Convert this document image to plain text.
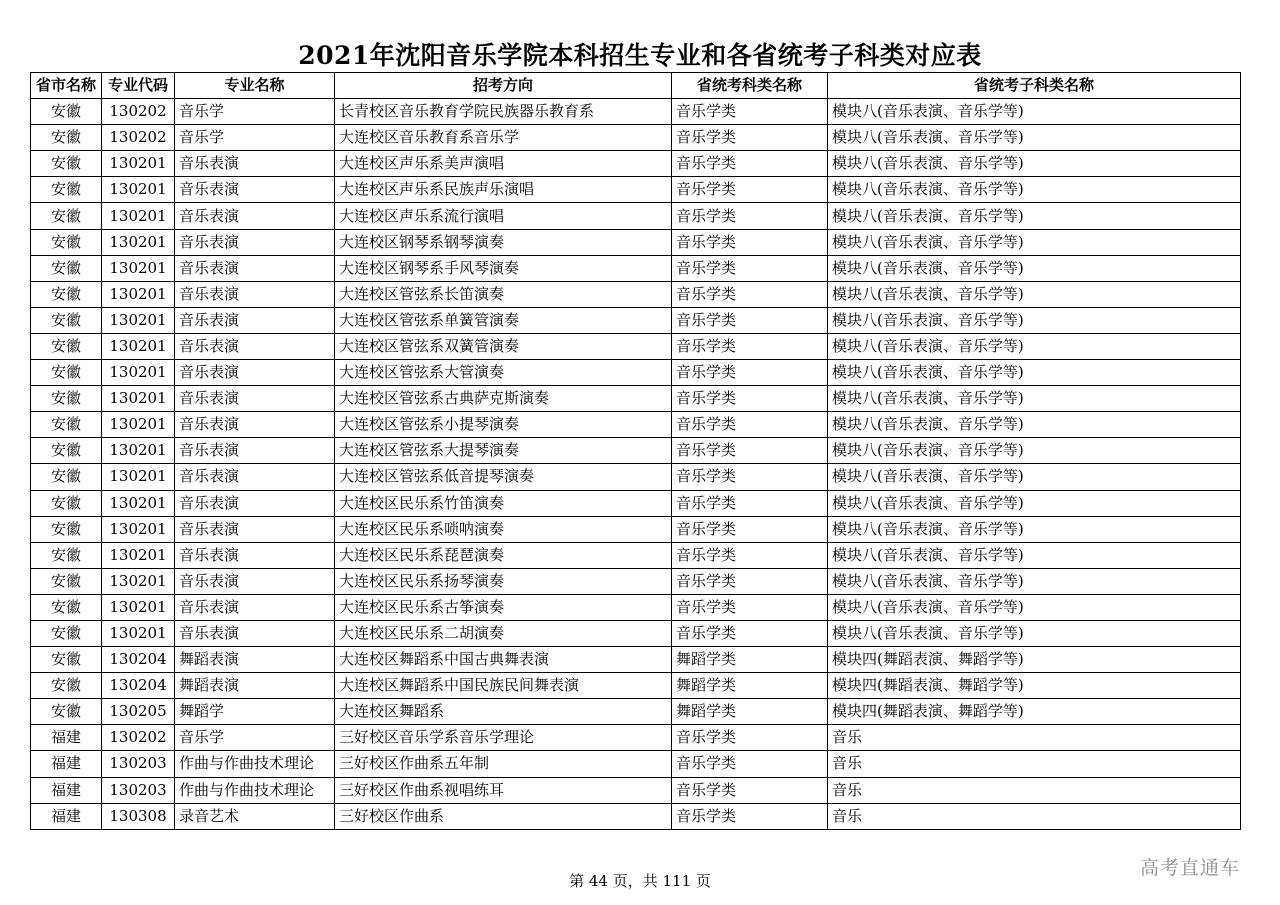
2021年沈阳音乐学院本科招生专业和各省统考子科类对应表
省市名称	专业代码	专业名称	招考方向	省统考科类名称	省统考子科类名称
安徽	130202	音乐学	长青校区音乐教育学院民族器乐教育系	音乐学类	模块八(音乐表演、音乐学等)
安徽	130202	音乐学	大连校区音乐教育系音乐学	音乐学类	模块八(音乐表演、音乐学等)
安徽	130201	音乐表演	大连校区声乐系美声演唱	音乐学类	模块八(音乐表演、音乐学等)
安徽	130201	音乐表演	大连校区声乐系民族声乐演唱	音乐学类	模块八(音乐表演、音乐学等)
安徽	130201	音乐表演	大连校区声乐系流行演唱	音乐学类	模块八(音乐表演、音乐学等)
安徽	130201	音乐表演	大连校区钢琴系钢琴演奏	音乐学类	模块八(音乐表演、音乐学等)
安徽	130201	音乐表演	大连校区钢琴系手风琴演奏	音乐学类	模块八(音乐表演、音乐学等)
安徽	130201	音乐表演	大连校区管弦系长笛演奏	音乐学类	模块八(音乐表演、音乐学等)
安徽	130201	音乐表演	大连校区管弦系单簧管演奏	音乐学类	模块八(音乐表演、音乐学等)
安徽	130201	音乐表演	大连校区管弦系双簧管演奏	音乐学类	模块八(音乐表演、音乐学等)
安徽	130201	音乐表演	大连校区管弦系大管演奏	音乐学类	模块八(音乐表演、音乐学等)
安徽	130201	音乐表演	大连校区管弦系古典萨克斯演奏	音乐学类	模块八(音乐表演、音乐学等)
安徽	130201	音乐表演	大连校区管弦系小提琴演奏	音乐学类	模块八(音乐表演、音乐学等)
安徽	130201	音乐表演	大连校区管弦系大提琴演奏	音乐学类	模块八(音乐表演、音乐学等)
安徽	130201	音乐表演	大连校区管弦系低音提琴演奏	音乐学类	模块八(音乐表演、音乐学等)
安徽	130201	音乐表演	大连校区民乐系竹笛演奏	音乐学类	模块八(音乐表演、音乐学等)
安徽	130201	音乐表演	大连校区民乐系唢呐演奏	音乐学类	模块八(音乐表演、音乐学等)
安徽	130201	音乐表演	大连校区民乐系琵琶演奏	音乐学类	模块八(音乐表演、音乐学等)
安徽	130201	音乐表演	大连校区民乐系扬琴演奏	音乐学类	模块八(音乐表演、音乐学等)
安徽	130201	音乐表演	大连校区民乐系古筝演奏	音乐学类	模块八(音乐表演、音乐学等)
安徽	130201	音乐表演	大连校区民乐系二胡演奏	音乐学类	模块八(音乐表演、音乐学等)
安徽	130204	舞蹈表演	大连校区舞蹈系中国古典舞表演	舞蹈学类	模块四(舞蹈表演、舞蹈学等)
安徽	130204	舞蹈表演	大连校区舞蹈系中国民族民间舞表演	舞蹈学类	模块四(舞蹈表演、舞蹈学等)
安徽	130205	舞蹈学	大连校区舞蹈系	舞蹈学类	模块四(舞蹈表演、舞蹈学等)
福建	130202	音乐学	三好校区音乐学系音乐学理论	音乐学类	音乐
福建	130203	作曲与作曲技术理论	三好校区作曲系五年制	音乐学类	音乐
福建	130203	作曲与作曲技术理论	三好校区作曲系视唱练耳	音乐学类	音乐
福建	130308	录音艺术	三好校区作曲系	音乐学类	音乐
第 44 页，共 111 页
高考直通车
